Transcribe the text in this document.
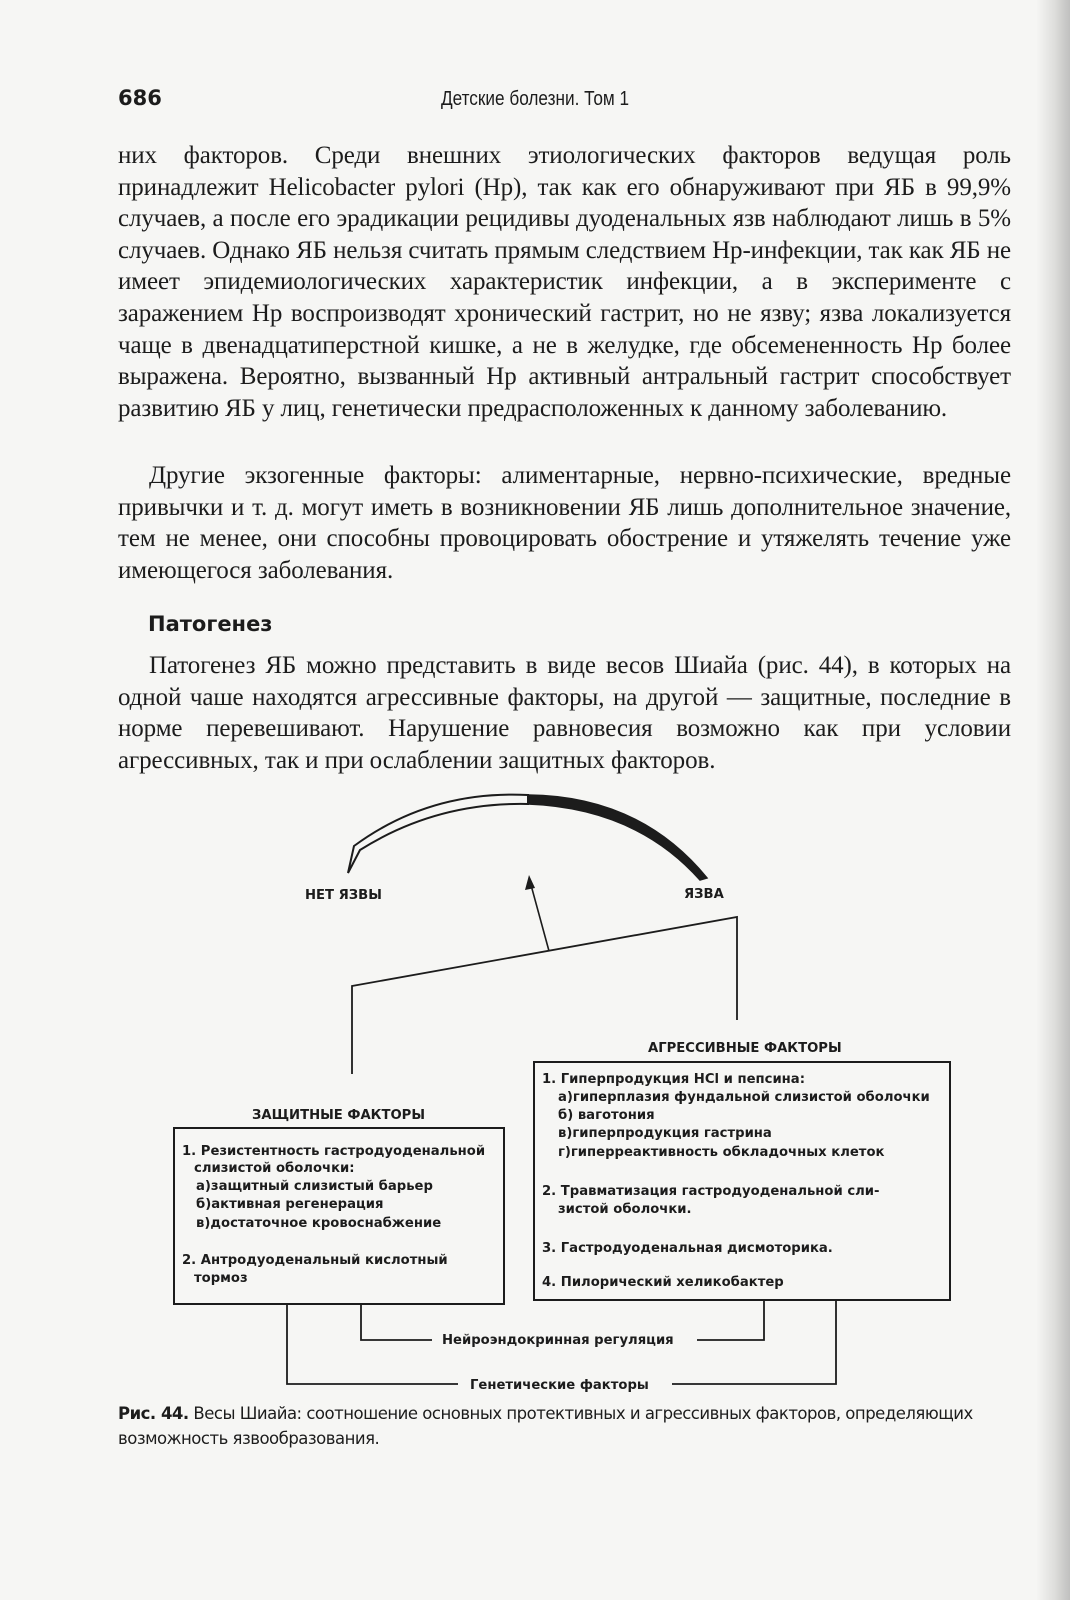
686	Детские болезни. Том 1

них факторов. Среди внешних этиологических факторов ведущая роль принадлежит Helicobacter pylori (Hp), так как его обнаруживают при ЯБ в 99,9% случаев, а после его эрадикации рецидивы дуоденальных язв наблюдают лишь в 5% случаев. Однако ЯБ нельзя считать прямым следствием Hp-инфекции, так как ЯБ не имеет эпидемиологических характеристик инфекции, а в эксперименте с заражением Hp воспроизводят хронический гастрит, но не язву; язва локализуется чаще в двенадцатиперстной кишке, а не в желудке, где обсемененность Hp более выражена. Вероятно, вызванный Hp активный антральный гастрит способствует развитию ЯБ у лиц, генетически предрасположенных к данному заболеванию.

Другие экзогенные факторы: алиментарные, нервно-психические, вредные привычки и т. д. могут иметь в возникновении ЯБ лишь дополнительное значение, тем не менее, они способны провоцировать обострение и утяжелять течение уже имеющегося заболевания.

Патогенез

Патогенез ЯБ можно представить в виде весов Шиайа (рис. 44), в которых на одной чаше находятся агрессивные факторы, на другой — защитные, последние в норме перевешивают. Нарушение равновесия возможно как при условии агрессивных, так и при ослаблении защитных факторов.

НЕТ ЯЗВЫ	ЯЗВА
ЗАЩИТНЫЕ ФАКТОРЫ
1. Резистентность гастродуоденальной
слизистой оболочки:
а)защитный слизистый барьер
б)активная регенерация
в)достаточное кровоснабжение
2. Антродуоденальный кислотный
тормоз
АГРЕССИВНЫЕ ФАКТОРЫ
1. Гиперпродукция HCl и пепсина:
а)гиперплазия фундальной слизистой оболочки
б) ваготония
в)гиперпродукция гастрина
г)гиперреактивность обкладочных клеток
2. Травматизация гастродуоденальной сли-
зистой оболочки.
3. Гастродуоденальная дисмоторика.
4. Пилорический хеликобактер
Нейроэндокринная регуляция
Генетические факторы
Рис. 44. Весы Шиайа: соотношение основных протективных и агрессивных факторов, определяющих возможность язвообразования.
